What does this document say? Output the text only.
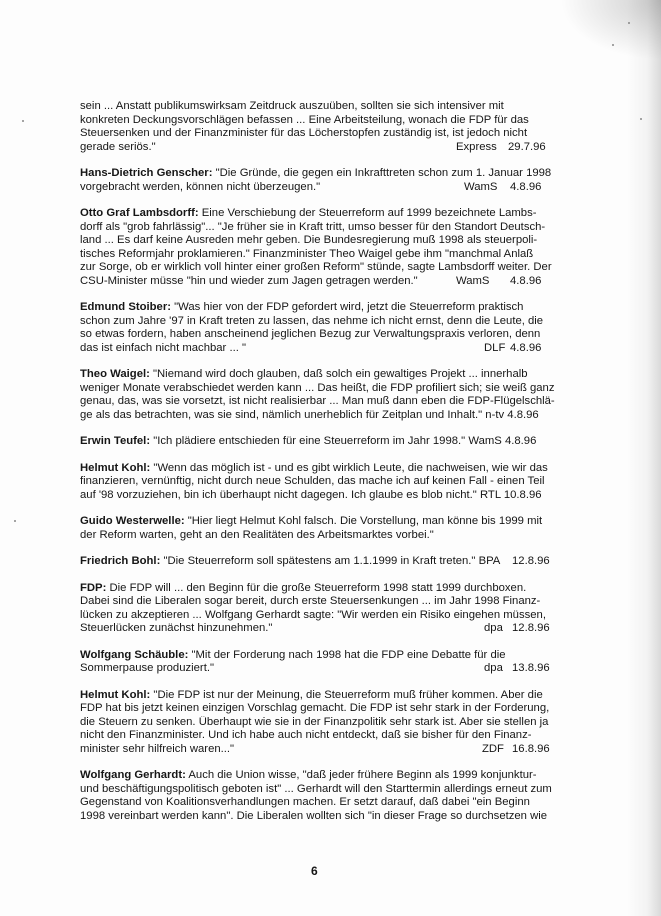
sein ... Anstatt publikumswirksam Zeitdruck auszuüben, sollten sie sich intensiver mit
konkreten Deckungsvorschlägen befassen ... Eine Arbeitsteilung, wonach die FDP für das
Steuersenken und der Finanzminister für das Löcherstopfen zuständig ist, ist jedoch nicht
gerade seriös."	Express 29.7.96
Hans-Dietrich Genscher: "Die Gründe, die gegen ein Inkrafttreten schon zum 1. Januar 1998
vorgebracht werden, können nicht überzeugen."	WamS 4.8.96
Otto Graf Lambsdorff: Eine Verschiebung der Steuerreform auf 1999 bezeichnete Lambs-
dorff als "grob fahrlässig"... "Je früher sie in Kraft tritt, umso besser für den Standort Deutsch-
land ... Es darf keine Ausreden mehr geben. Die Bundesregierung muß 1998 als steuerpoli-
tisches Reformjahr proklamieren." Finanzminister Theo Waigel gebe ihm "manchmal Anlaß
zur Sorge, ob er wirklich voll hinter einer großen Reform" stünde, sagte Lambsdorff weiter. Der
CSU-Minister müsse "hin und wieder zum Jagen getragen werden."	WamS 4.8.96
Edmund Stoiber: "Was hier von der FDP gefordert wird, jetzt die Steuerreform praktisch
schon zum Jahre '97 in Kraft treten zu lassen, das nehme ich nicht ernst, denn die Leute, die
so etwas fordern, haben anscheinend jeglichen Bezug zur Verwaltungspraxis verloren, denn
das ist einfach nicht machbar ... "	DLF 4.8.96
Theo Waigel: "Niemand wird doch glauben, daß solch ein gewaltiges Projekt ... innerhalb
weniger Monate verabschiedet werden kann ... Das heißt, die FDP profiliert sich; sie weiß ganz
genau, das, was sie vorsetzt, ist nicht realisierbar ... Man muß dann eben die FDP-Flügelschlä-
ge als das betrachten, was sie sind, nämlich unerheblich für Zeitplan und Inhalt." n-tv 4.8.96
Erwin Teufel: "Ich plädiere entschieden für eine Steuerreform im Jahr 1998." WamS 4.8.96
Helmut Kohl: "Wenn das möglich ist - und es gibt wirklich Leute, die nachweisen, wie wir das
finanzieren, vernünftig, nicht durch neue Schulden, das mache ich auf keinen Fall - einen Teil
auf '98 vorzuziehen, bin ich überhaupt nicht dagegen. Ich glaube es blob nicht." RTL 10.8.96
Guido Westerwelle: "Hier liegt Helmut Kohl falsch. Die Vorstellung, man könne bis 1999 mit
der Reform warten, geht an den Realitäten des Arbeitsmarktes vorbei."
Friedrich Bohl: "Die Steuerreform soll spätestens am 1.1.1999 in Kraft treten." BPA 12.8.96
FDP: Die FDP will ... den Beginn für die große Steuerreform 1998 statt 1999 durchboxen.
Dabei sind die Liberalen sogar bereit, durch erste Steuersenkungen ... im Jahr 1998 Finanz-
lücken zu akzeptieren ... Wolfgang Gerhardt sagte: "Wir werden ein Risiko eingehen müssen,
Steuerlücken zunächst hinzunehmen."	dpa 12.8.96
Wolfgang Schäuble: "Mit der Forderung nach 1998 hat die FDP eine Debatte für die
Sommerpause produziert."	dpa 13.8.96
Helmut Kohl: "Die FDP ist nur der Meinung, die Steuerreform muß früher kommen. Aber die
FDP hat bis jetzt keinen einzigen Vorschlag gemacht. Die FDP ist sehr stark in der Forderung,
die Steuern zu senken. Überhaupt wie sie in der Finanzpolitik sehr stark ist. Aber sie stellen ja
nicht den Finanzminister. Und ich habe auch nicht entdeckt, daß sie bisher für den Finanz-
minister sehr hilfreich waren..."	ZDF 16.8.96
Wolfgang Gerhardt: Auch die Union wisse, "daß jeder frühere Beginn als 1999 konjunktur-
und beschäftigungspolitisch geboten ist" ... Gerhardt will den Starttermin allerdings erneut zum
Gegenstand von Koalitionsverhandlungen machen. Er setzt darauf, daß dabei "ein Beginn
1998 vereinbart werden kann". Die Liberalen wollten sich "in dieser Frage so durchsetzen wie
6
